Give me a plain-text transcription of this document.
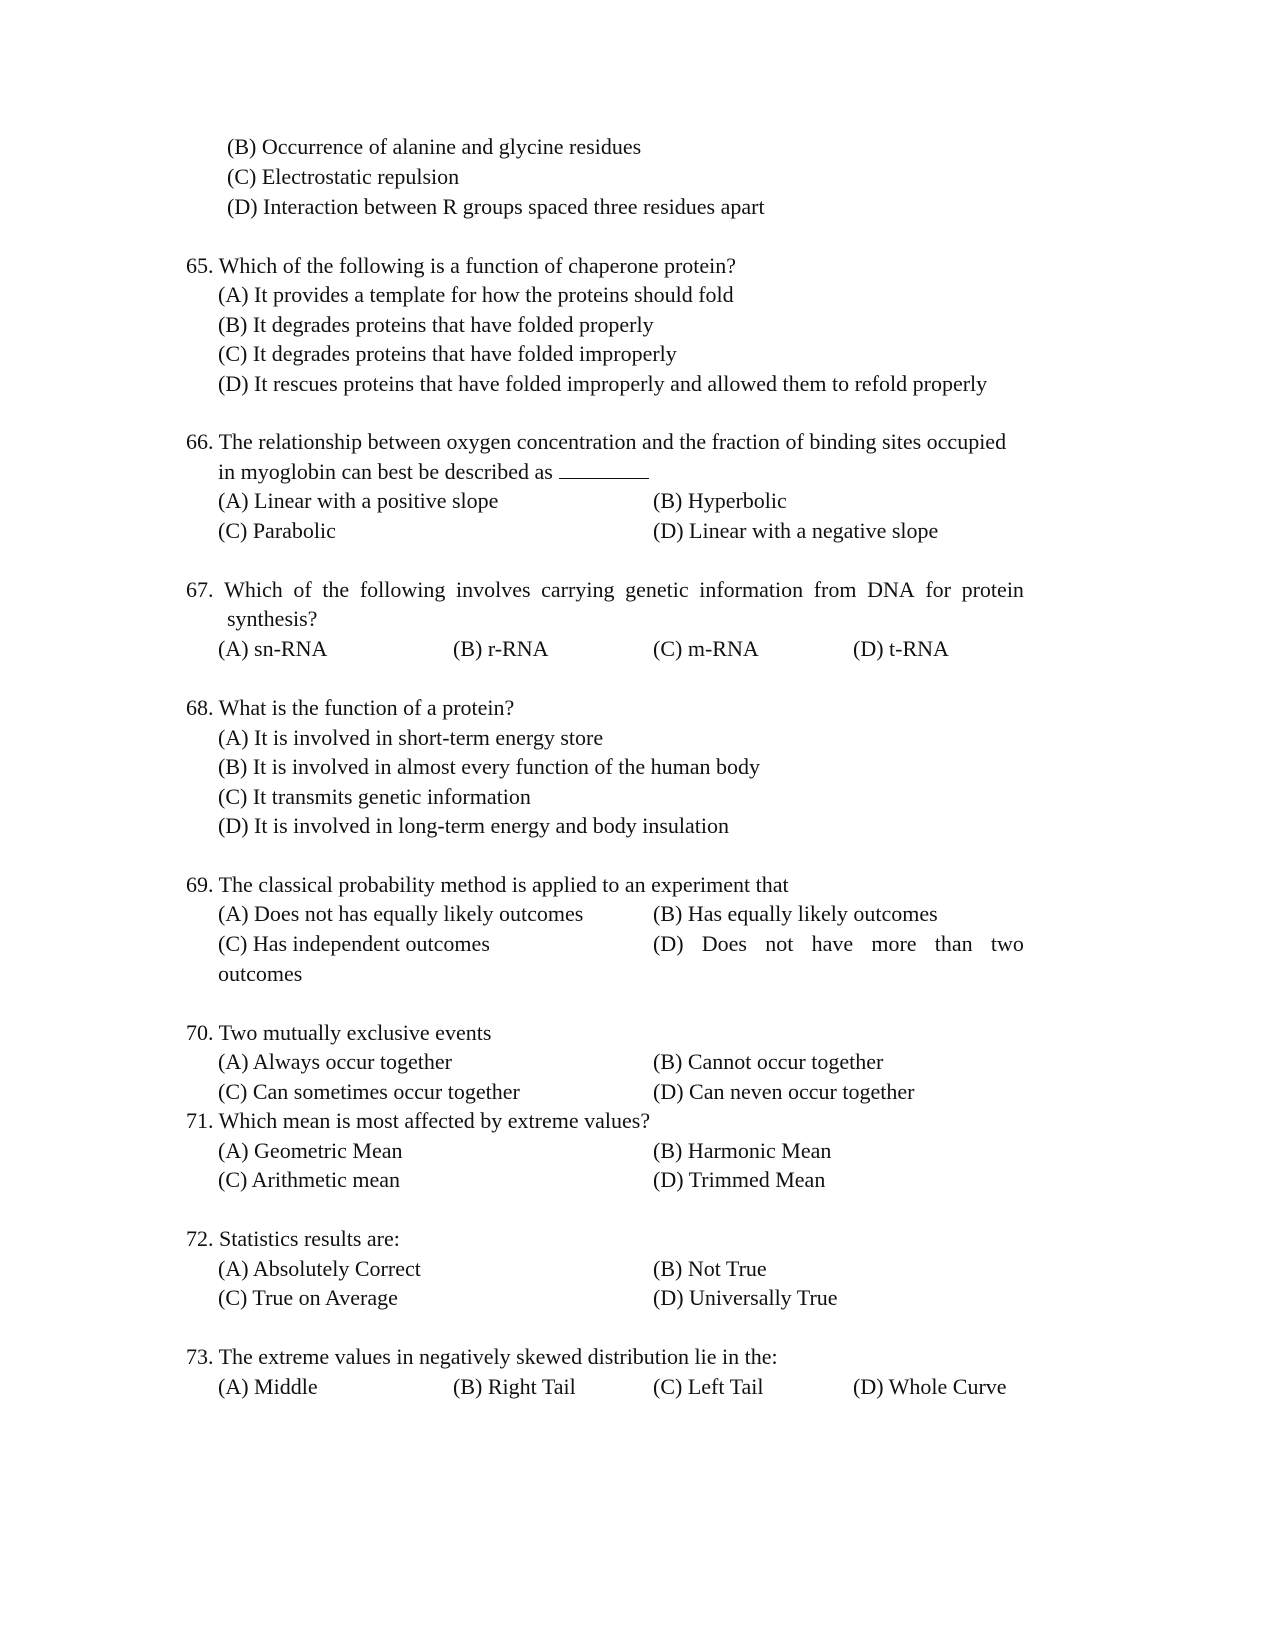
(B) Occurrence of alanine and glycine residues
(C) Electrostatic repulsion
(D) Interaction between R groups spaced three residues apart
65. Which of the following is a function of chaperone protein?
(A) It provides a template for how the proteins should fold
(B) It degrades proteins that have folded properly
(C) It degrades proteins that have folded improperly
(D) It rescues proteins that have folded improperly and allowed them to refold properly
66. The relationship between oxygen concentration and the fraction of binding sites occupied
in myoglobin can best be described as
(A) Linear with a positive slope	(B) Hyperbolic
(C) Parabolic	(D) Linear with a negative slope
67. Which of the following involves carrying genetic information from DNA for protein
synthesis?
(A) sn-RNA	(B) r-RNA	(C) m-RNA	(D) t-RNA
68. What is the function of a protein?
(A) It is involved in short-term energy store
(B) It is involved in almost every function of the human body
(C) It transmits genetic information
(D) It is involved in long-term energy and body insulation
69. The classical probability method is applied to an experiment that
(A) Does not has equally likely outcomes	(B) Has equally likely outcomes
(C) Has independent outcomes	(D) Does not have more than two
outcomes
70. Two mutually exclusive events
(A) Always occur together	(B) Cannot occur together
(C) Can sometimes occur together	(D) Can neven occur together
71. Which mean is most affected by extreme values?
(A) Geometric Mean	(B) Harmonic Mean
(C) Arithmetic mean	(D) Trimmed Mean
72. Statistics results are:
(A) Absolutely Correct	(B) Not True
(C) True on Average	(D) Universally True
73. The extreme values in negatively skewed distribution lie in the:
(A) Middle	(B) Right Tail	(C) Left Tail	(D) Whole Curve
